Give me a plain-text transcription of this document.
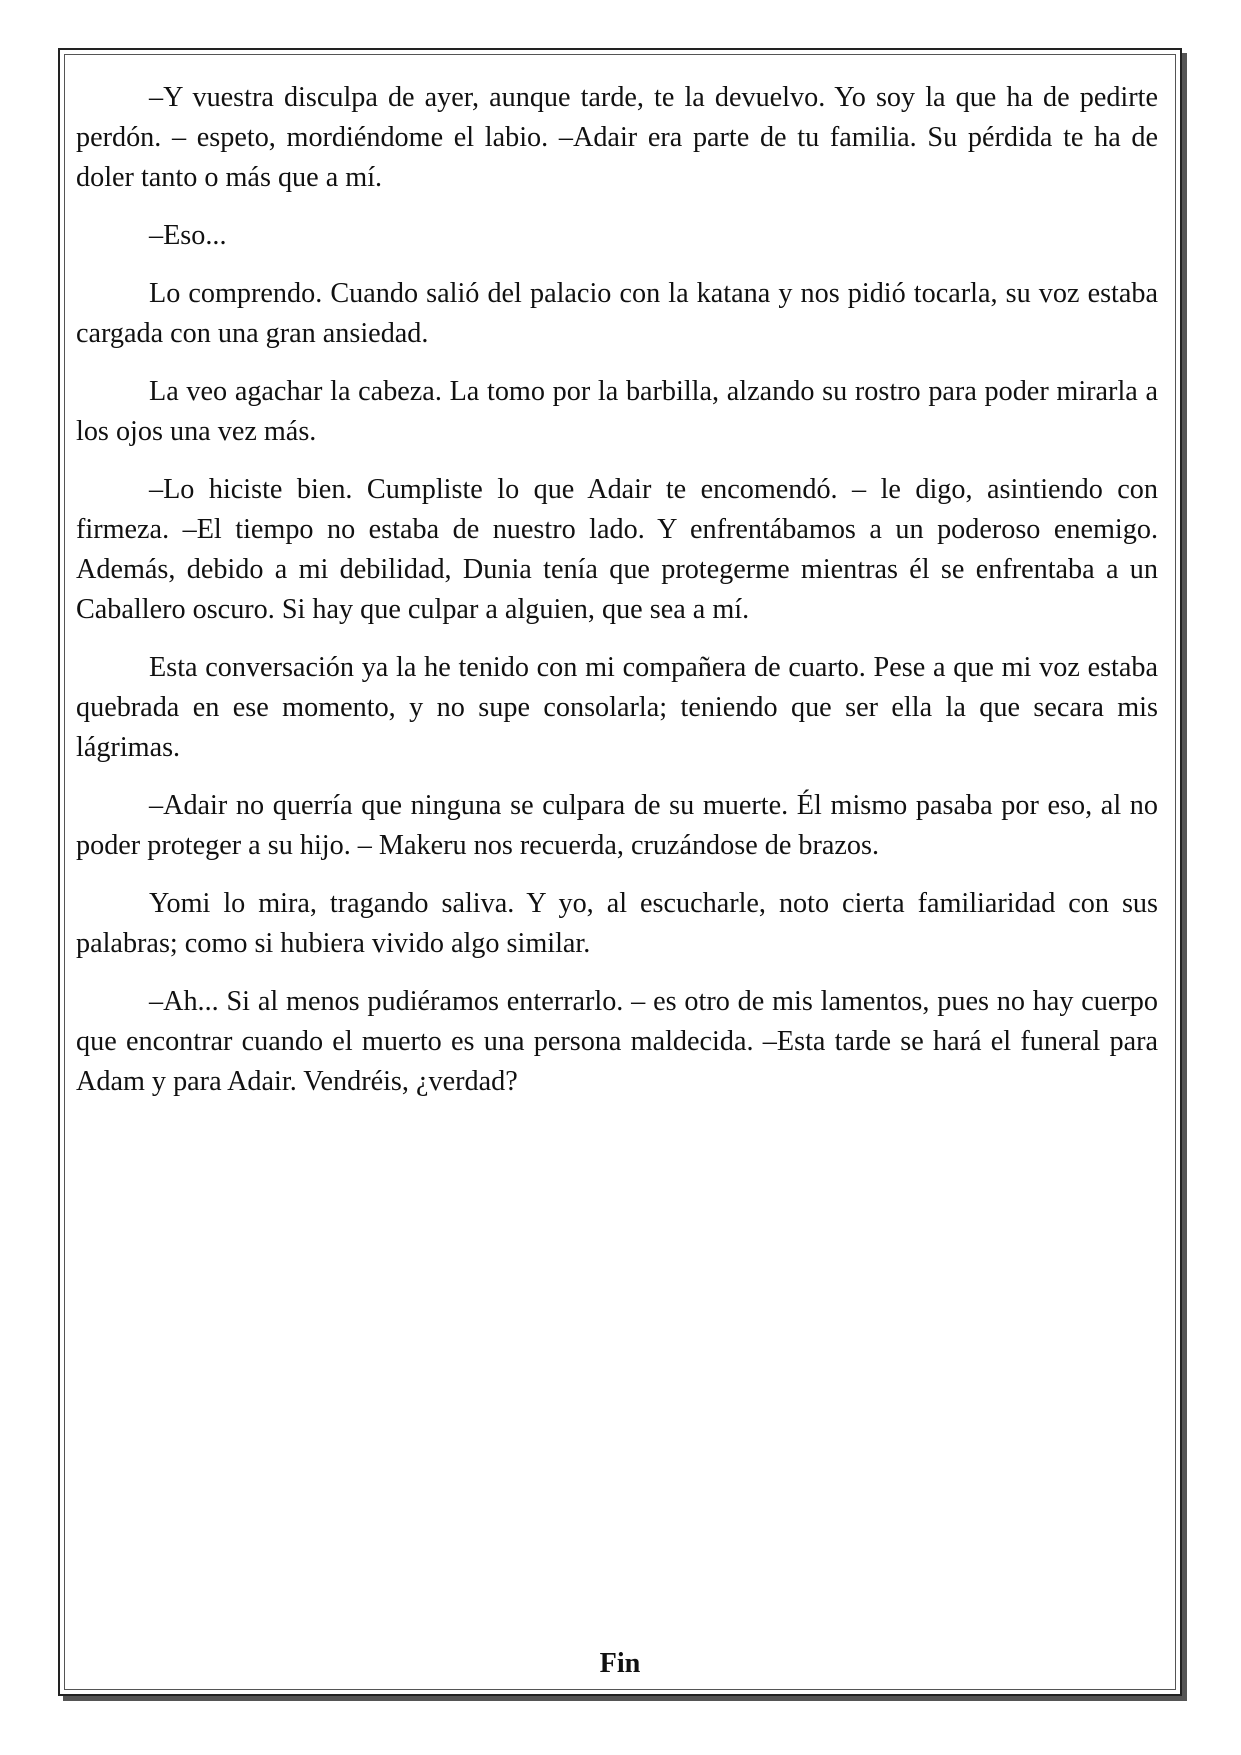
–Y vuestra disculpa de ayer, aunque tarde, te la devuelvo. Yo soy la que ha de pedirte perdón. – espeto, mordiéndome el labio. –Adair era parte de tu familia. Su pérdida te ha de doler tanto o más que a mí.

–Eso...

Lo comprendo. Cuando salió del palacio con la katana y nos pidió tocarla, su voz estaba cargada con una gran ansiedad.

La veo agachar la cabeza. La tomo por la barbilla, alzando su rostro para poder mirarla a los ojos una vez más.

–Lo hiciste bien. Cumpliste lo que Adair te encomendó. – le digo, asintiendo con firmeza. –El tiempo no estaba de nuestro lado. Y enfrentábamos a un poderoso enemigo. Además, debido a mi debilidad, Dunia tenía que protegerme mientras él se enfrentaba a un Caballero oscuro. Si hay que culpar a alguien, que sea a mí.

Esta conversación ya la he tenido con mi compañera de cuarto. Pese a que mi voz estaba quebrada en ese momento, y no supe consolarla; teniendo que ser ella la que secara mis lágrimas.

–Adair no querría que ninguna se culpara de su muerte. Él mismo pasaba por eso, al no poder proteger a su hijo. – Makeru nos recuerda, cruzándose de brazos.

Yomi lo mira, tragando saliva. Y yo, al escucharle, noto cierta familiaridad con sus palabras; como si hubiera vivido algo similar.

–Ah... Si al menos pudiéramos enterrarlo. – es otro de mis lamentos, pues no hay cuerpo que encontrar cuando el muerto es una persona maldecida. –Esta tarde se hará el funeral para Adam y para Adair. Vendréis, ¿verdad?

Fin
